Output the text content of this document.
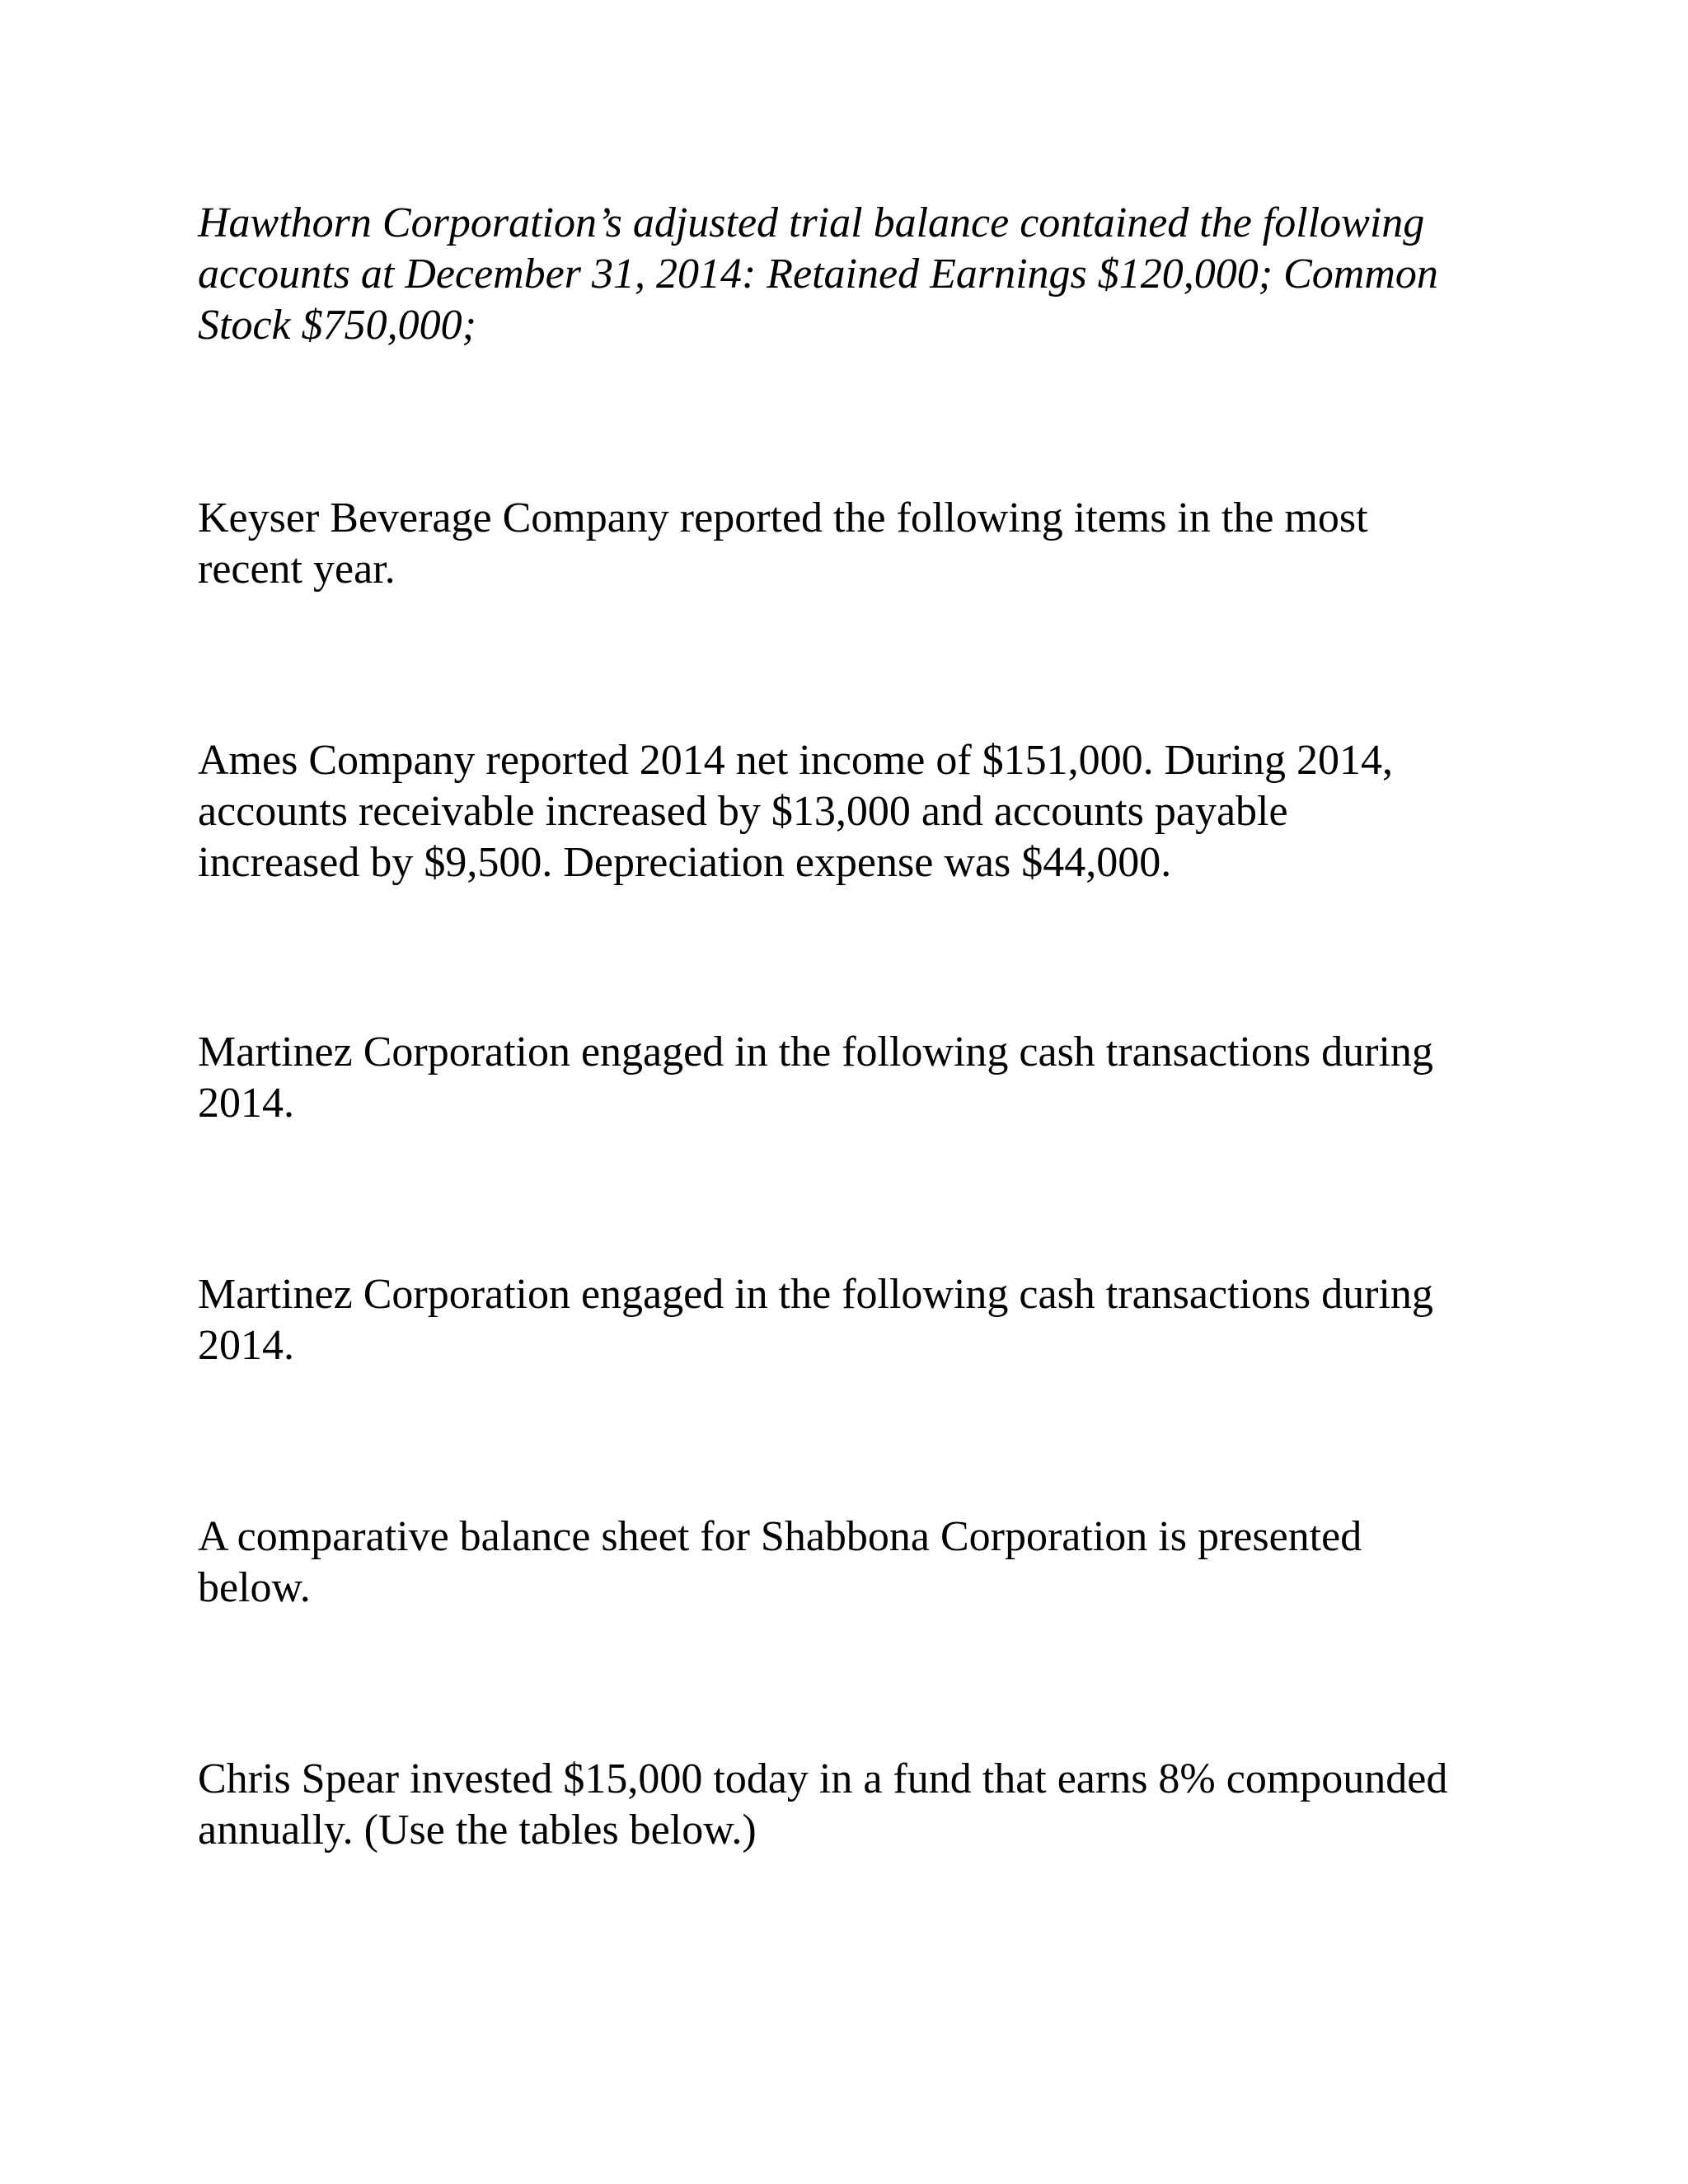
Hawthorn Corporation’s adjusted trial balance contained the following
accounts at December 31, 2014: Retained Earnings $120,000; Common
Stock $750,000;

Keyser Beverage Company reported the following items in the most
recent year.

Ames Company reported 2014 net income of $151,000. During 2014,
accounts receivable increased by $13,000 and accounts payable
increased by $9,500. Depreciation expense was $44,000.

Martinez Corporation engaged in the following cash transactions during
2014.

Martinez Corporation engaged in the following cash transactions during
2014.

A comparative balance sheet for Shabbona Corporation is presented
below.

Chris Spear invested $15,000 today in a fund that earns 8% compounded
annually. (Use the tables below.)
